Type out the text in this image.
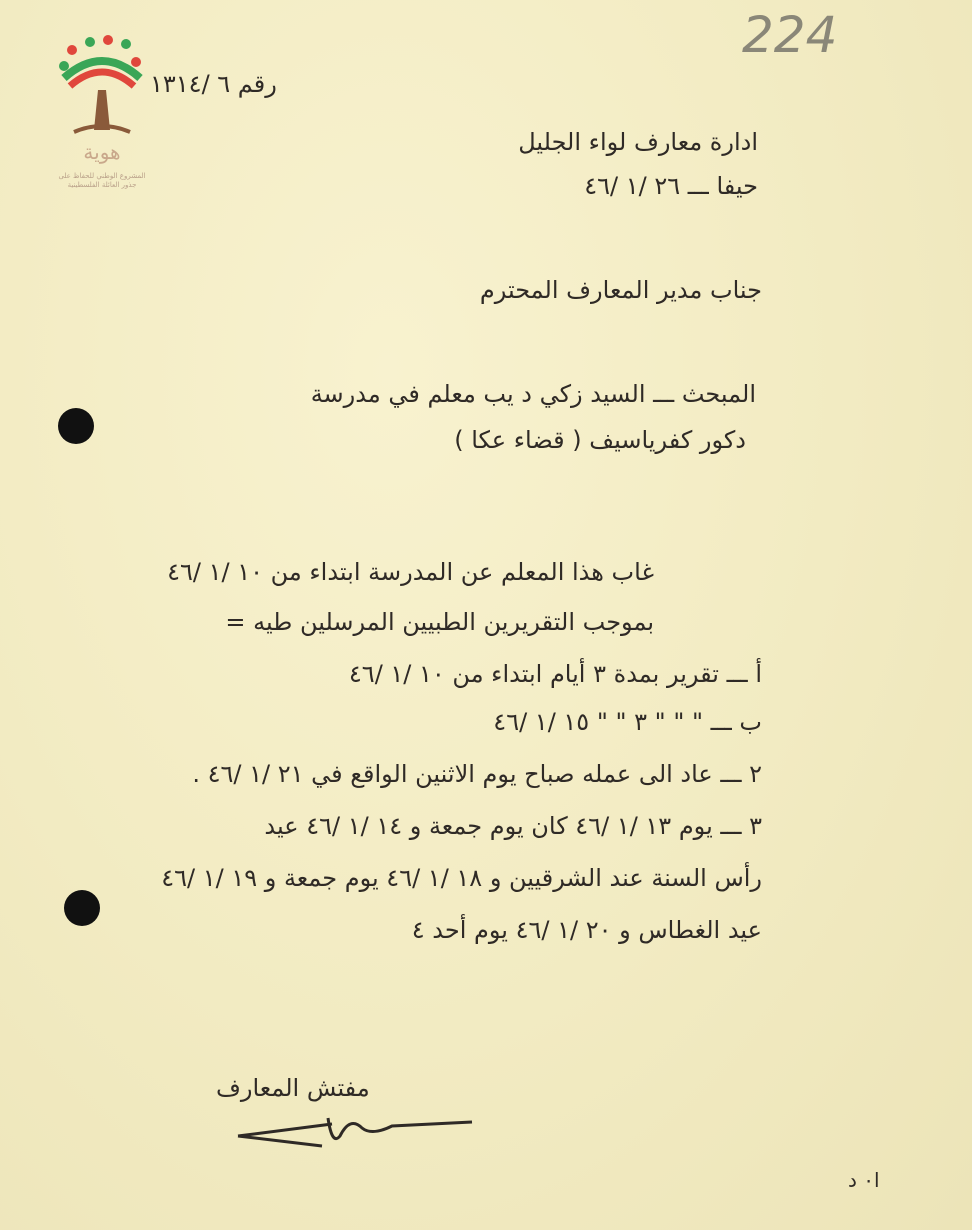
224
هوية
المشروع الوطني للحفاظ على
جذور العائلة الفلسطينية
رقم ٦ /١٣١٤
ادارة معارف لواء الجليل
حيفا ـــ ٢٦ /١ /٤٦
جناب مدير المعارف المحترم
المبحث ـــ السيد زكي د يب معلم في مدرسة
دكور كفرياسيف ( قضاء عكا )
غاب هذا المعلم عن المدرسة ابتداء من ١٠ /١ /٤٦
بموجب التقريرين الطبيين المرسلين طيه =
أ ـــ تقرير بمدة ٣ أيام ابتداء من ١٠ /١ /٤٦
ب ـــ " " " ٣ " " ١٥ /١ /٤٦
٢ ـــ عاد الى عمله صباح يوم الاثنين الواقع في ٢١ /١ /٤٦ .
٣ ـــ يوم ١٣ /١ /٤٦ كان يوم جمعة و ١٤ /١ /٤٦ عيد
رأس السنة عند الشرقيين و ١٨ /١ /٤٦ يوم جمعة و ١٩ /١ /٤٦
عيد الغطاس و ٢٠ /١ /٤٦ يوم أحد ٤
مفتش المعارف
ا٠ د
